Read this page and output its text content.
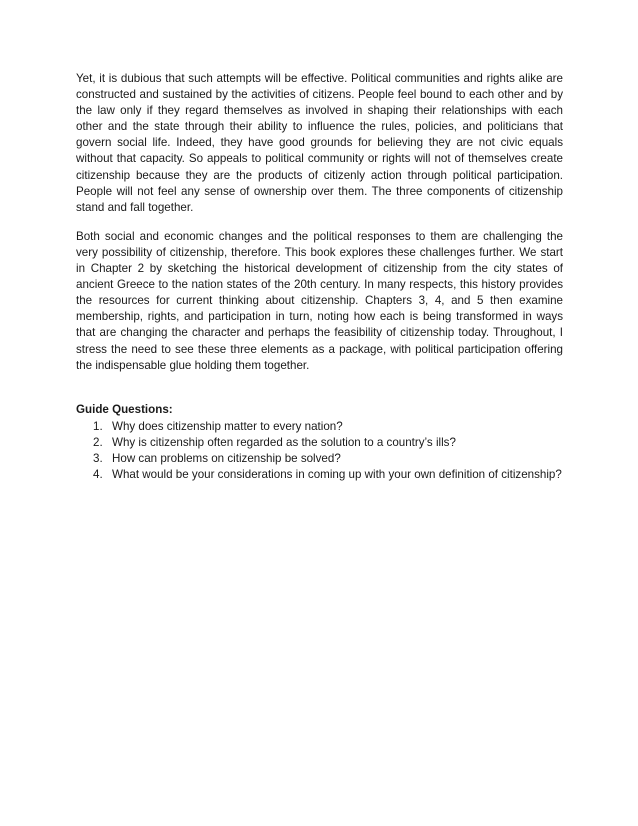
Yet, it is dubious that such attempts will be effective. Political communities and rights alike are constructed and sustained by the activities of citizens. People feel bound to each other and by the law only if they regard themselves as involved in shaping their relationships with each other and the state through their ability to influence the rules, policies, and politicians that govern social life. Indeed, they have good grounds for believing they are not civic equals without that capacity. So appeals to political community or rights will not of themselves create citizenship because they are the products of citizenly action through political participation. People will not feel any sense of ownership over them. The three components of citizenship stand and fall together.

Both social and economic changes and the political responses to them are challenging the very possibility of citizenship, therefore. This book explores these challenges further. We start in Chapter 2 by sketching the historical development of citizenship from the city states of ancient Greece to the nation states of the 20th century. In many respects, this history provides the resources for current thinking about citizenship. Chapters 3, 4, and 5 then examine membership, rights, and participation in turn, noting how each is being transformed in ways that are changing the character and perhaps the feasibility of citizenship today. Throughout, I stress the need to see these three elements as a package, with political participation offering the indispensable glue holding them together.

Guide Questions:
1. Why does citizenship matter to every nation?
2. Why is citizenship often regarded as the solution to a country’s ills?
3. How can problems on citizenship be solved?
4. What would be your considerations in coming up with your own definition of citizenship?
